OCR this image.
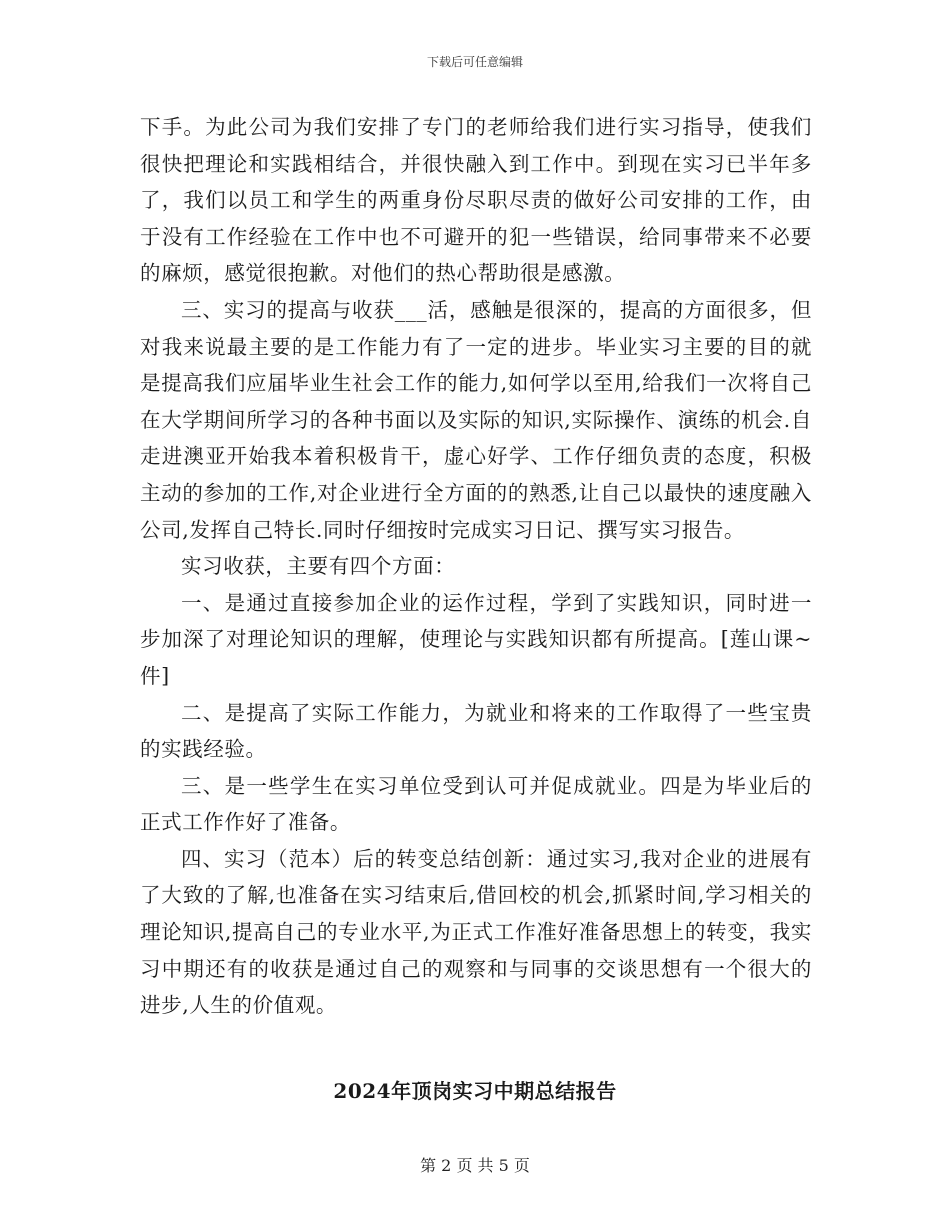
下载后可任意编辑

下手。为此公司为我们安排了专门的老师给我们进行实习指导，使我们很快把理论和实践相结合，并很快融入到工作中。到现在实习已半年多了，我们以员工和学生的两重身份尽职尽责的做好公司安排的工作，由于没有工作经验在工作中也不可避开的犯一些错误，给同事带来不必要的麻烦，感觉很抱歉。对他们的热心帮助很是感激。

三、实习的提高与收获___活，感触是很深的，提高的方面很多，但对我来说最主要的是工作能力有了一定的进步。毕业实习主要的目的就是提高我们应届毕业生社会工作的能力,如何学以至用,给我们一次将自己在大学期间所学习的各种书面以及实际的知识,实际操作、演练的机会.自走进澳亚开始我本着积极肯干，虚心好学、工作仔细负责的态度，积极主动的参加的工作,对企业进行全方面的的熟悉,让自己以最快的速度融入公司,发挥自己特长.同时仔细按时完成实习日记、撰写实习报告。

实习收获，主要有四个方面：

一、是通过直接参加企业的运作过程，学到了实践知识，同时进一步加深了对理论知识的理解，使理论与实践知识都有所提高。[莲山课~件]

二、是提高了实际工作能力，为就业和将来的工作取得了一些宝贵的实践经验。

三、是一些学生在实习单位受到认可并促成就业。四是为毕业后的正式工作作好了准备。

四、实习（范本）后的转变总结创新：通过实习,我对企业的进展有了大致的了解,也准备在实习结束后,借回校的机会,抓紧时间,学习相关的理论知识,提高自己的专业水平,为正式工作准好准备思想上的转变，我实习中期还有的收获是通过自己的观察和与同事的交谈思想有一个很大的进步,人生的价值观。

2024年顶岗实习中期总结报告
第 2 页 共 5 页
